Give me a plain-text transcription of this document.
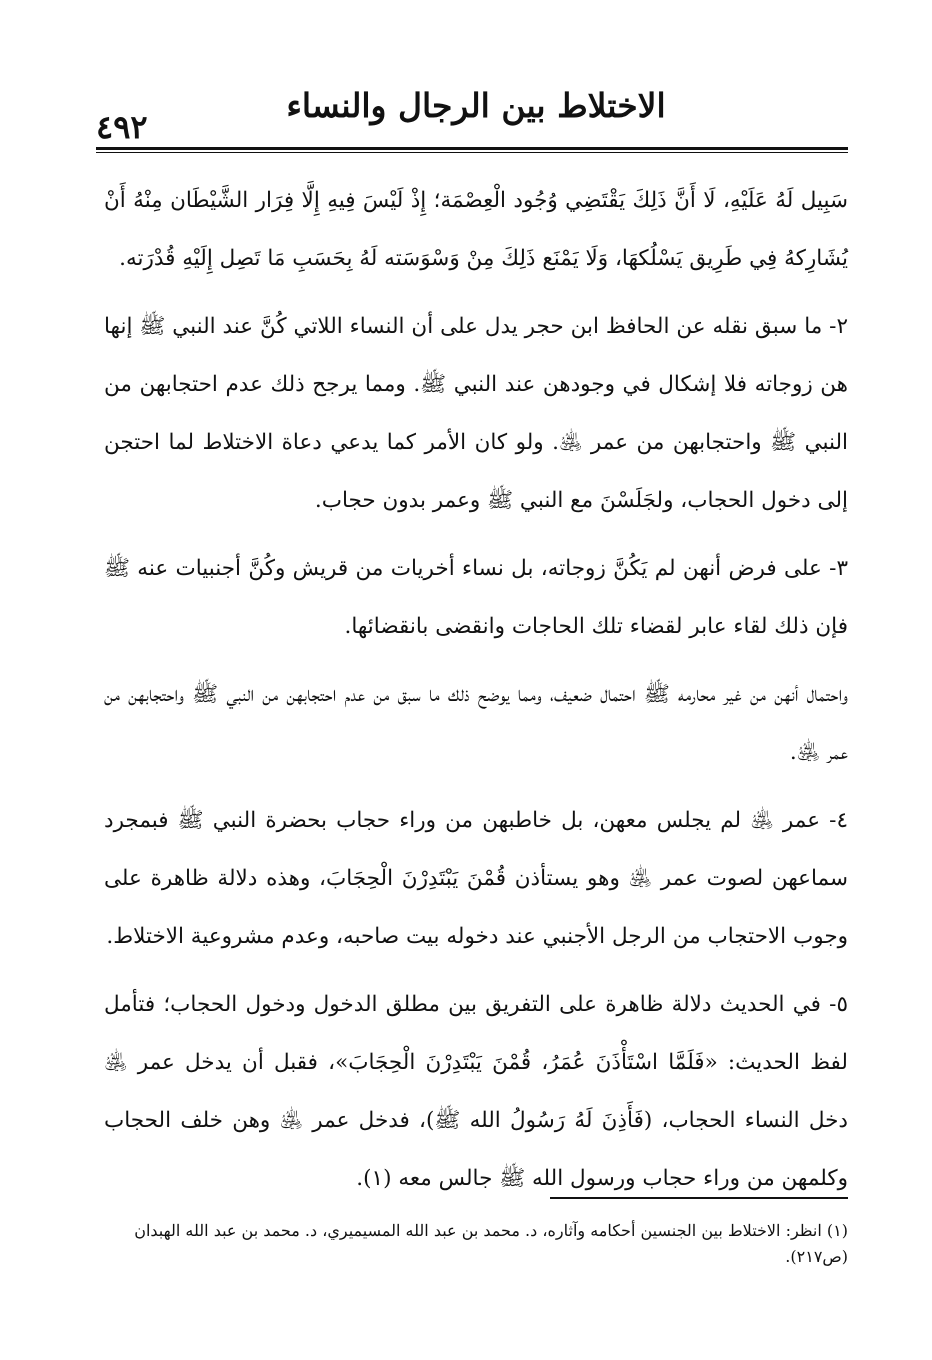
الاختلاط بين الرجال والنساء
٤٩٢

سَبِيل لَهُ عَلَيْهِ، لَا أَنَّ ذَلِكَ يَقْتَضِي وُجُود الْعِصْمَة؛ إِذْ لَيْسَ فِيهِ إِلَّا فِرَار الشَّيْطَان مِنْهُ أَنْ يُشَارِكهُ فِي طَرِيق يَسْلُكهَا، وَلَا يَمْنَع ذَلِكَ مِنْ وَسْوَسَته لَهُ بِحَسَبِ مَا تَصِل إِلَيْهِ قُدْرَته.

٢- ما سبق نقله عن الحافظ ابن حجر يدل على أن النساء اللاتي كُنَّ عند النبي ﷺ إنها هن زوجاته فلا إشكال في وجودهن عند النبي ﷺ. ومما يرجح ذلك عدم احتجابهن من النبي ﷺ واحتجابهن من عمر ﵁. ولو كان الأمر كما يدعي دعاة الاختلاط لما احتجن إلى دخول الحجاب، ولجَلَسْنَ مع النبي ﷺ وعمر بدون حجاب.

٣- على فرض أنهن لم يَكُنَّ زوجاته، بل نساء أخريات من قريش وكُنَّ أجنبيات عنه ﷺ فإن ذلك لقاء عابر لقضاء تلك الحاجات وانقضى بانقضائها.

واحتمال أنهن من غير محارمه ﷺ احتمال ضعيف، ومما يوضح ذلك ما سبق من عدم احتجابهن من النبي ﷺ واحتجابهن من عمر ﵁.

٤- عمر ﵁ لم يجلس معهن، بل خاطبهن من وراء حجاب بحضرة النبي ﷺ فبمجرد سماعهن لصوت عمر ﵁ وهو يستأذن قُمْنَ يَبْتَدِرْنَ الْحِجَابَ، وهذه دلالة ظاهرة على وجوب الاحتجاب من الرجل الأجنبي عند دخوله بيت صاحبه، وعدم مشروعية الاختلاط.

٥- في الحديث دلالة ظاهرة على التفريق بين مطلق الدخول ودخول الحجاب؛ فتأمل لفظ الحديث: «فَلَمَّا اسْتَأْذَنَ عُمَرُ، قُمْنَ يَبْتَدِرْنَ الْحِجَابَ»، فقبل أن يدخل عمر ﵁ دخل النساء الحجاب، (فَأَذِنَ لَهُ رَسُولُ الله ﷺ)، فدخل عمر ﵁ وهن خلف الحجاب وكلمهن من وراء حجاب ورسول الله ﷺ جالس معه (١).

(١) انظر: الاختلاط بين الجنسين أحكامه وآثاره، د. محمد بن عبد الله المسيميري، د. محمد بن عبد الله الهبدان (ص٢١٧).
